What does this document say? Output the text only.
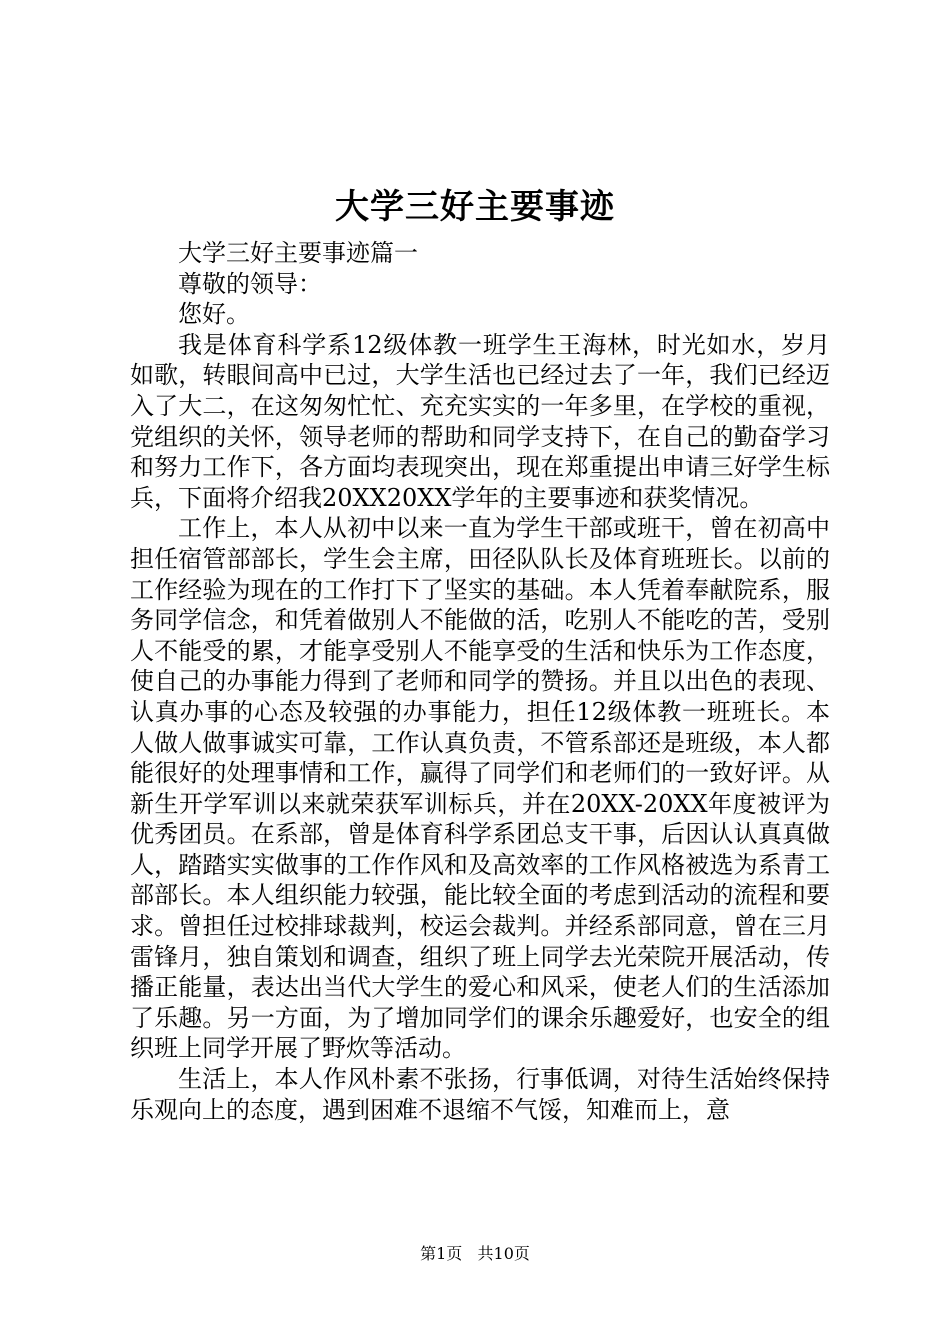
大学三好主要事迹

大学三好主要事迹篇一

尊敬的领导：

您好。

我是体育科学系12级体教一班学生王海林，时光如水，岁月如歌，转眼间高中已过，大学生活也已经过去了一年，我们已经迈入了大二，在这匆匆忙忙、充充实实的一年多里，在学校的重视，党组织的关怀，领导老师的帮助和同学支持下，在自己的勤奋学习和努力工作下，各方面均表现突出，现在郑重提出申请三好学生标兵，下面将介绍我20XX20XX学年的主要事迹和获奖情况。

工作上，本人从初中以来一直为学生干部或班干，曾在初高中担任宿管部部长，学生会主席，田径队队长及体育班班长。以前的工作经验为现在的工作打下了坚实的基础。本人凭着奉献院系，服务同学信念，和凭着做别人不能做的活，吃别人不能吃的苦，受别人不能受的累，才能享受别人不能享受的生活和快乐为工作态度，使自己的办事能力得到了老师和同学的赞扬。并且以出色的表现、认真办事的心态及较强的办事能力，担任12级体教一班班长。本人做人做事诚实可靠，工作认真负责，不管系部还是班级，本人都能很好的处理事情和工作，赢得了同学们和老师们的一致好评。从新生开学军训以来就荣获军训标兵，并在20XX-20XX年度被评为优秀团员。在系部，曾是体育科学系团总支干事，后因认认真真做人，踏踏实实做事的工作作风和及高效率的工作风格被选为系青工部部长。本人组织能力较强，能比较全面的考虑到活动的流程和要求。曾担任过校排球裁判，校运会裁判。并经系部同意，曾在三月雷锋月，独自策划和调查，组织了班上同学去光荣院开展活动，传播正能量，表达出当代大学生的爱心和风采，使老人们的生活添加了乐趣。另一方面，为了增加同学们的课余乐趣爱好，也安全的组织班上同学开展了野炊等活动。

生活上，本人作风朴素不张扬，行事低调，对待生活始终保持乐观向上的态度，遇到困难不退缩不气馁，知难而上，意

第1页 共10页
